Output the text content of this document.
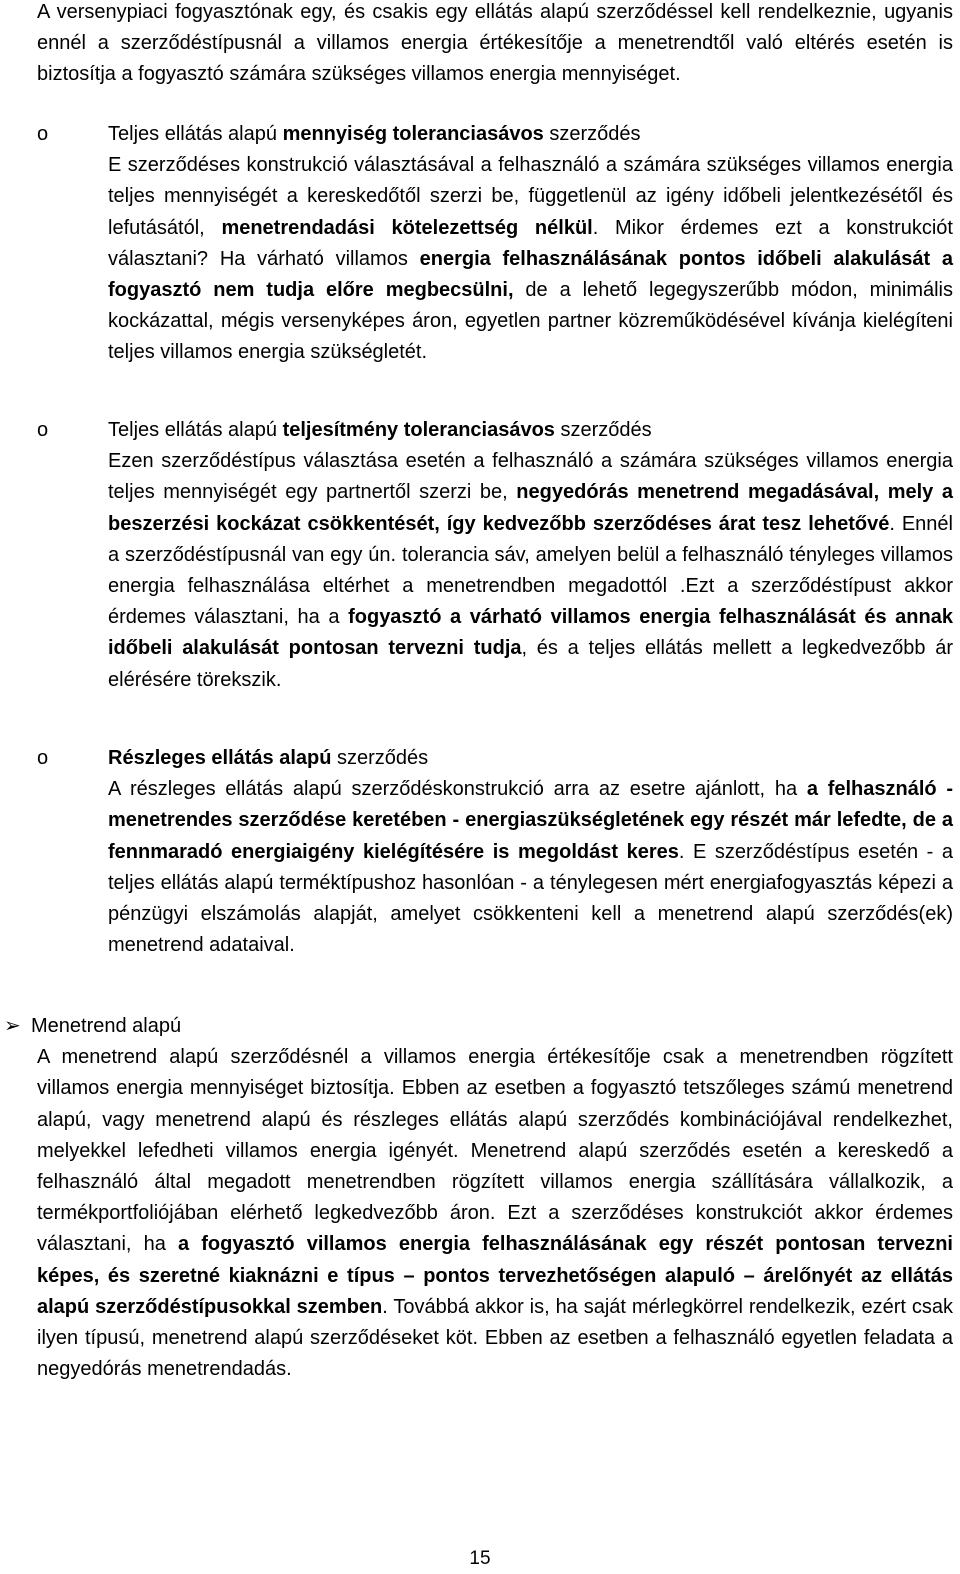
A versenypiaci fogyasztónak egy, és csakis egy ellátás alapú szerződéssel kell rendelkeznie, ugyanis ennél a szerződéstípusnál a villamos energia értékesítője a menetrendtől való eltérés esetén is biztosítja a fogyasztó számára szükséges villamos energia mennyiséget.
o	Teljes ellátás alapú mennyiség toleranciasávos szerződés
E szerződéses konstrukció választásával a felhasználó a számára szükséges villamos energia teljes mennyiségét a kereskedőtől szerzi be, függetlenül az igény időbeli jelentkezésétől és lefutásától, menetrendadási kötelezettség nélkül. Mikor érdemes ezt a konstrukciót választani? Ha várható villamos energia felhasználásának pontos időbeli alakulását a fogyasztó nem tudja előre megbecsülni, de a lehető legegyszerűbb módon, minimális kockázattal, mégis versenyképes áron, egyetlen partner közreműködésével kívánja kielégíteni teljes villamos energia szükségletét.
o	Teljes ellátás alapú teljesítmény toleranciasávos szerződés
Ezen szerződéstípus választása esetén a felhasználó a számára szükséges villamos energia teljes mennyiségét egy partnertől szerzi be, negyedórás menetrend megadásával, mely a beszerzési kockázat csökkentését, így kedvezőbb szerződéses árat tesz lehetővé. Ennél a szerződéstípusnál van egy ún. tolerancia sáv, amelyen belül a felhasználó tényleges villamos energia felhasználása eltérhet a menetrendben megadottól .Ezt a szerződéstípust akkor érdemes választani, ha a fogyasztó a várható villamos energia felhasználását és annak időbeli alakulását pontosan tervezni tudja, és a teljes ellátás mellett a legkedvezőbb ár elérésére törekszik.
o	Részleges ellátás alapú szerződés
A részleges ellátás alapú szerződéskonstrukció arra az esetre ajánlott, ha a felhasználó - menetrendes szerződése keretében - energiaszükségletének egy részét már lefedte, de a fennmaradó energiaigény kielégítésére is megoldást keres. E szerződéstípus esetén - a teljes ellátás alapú terméktípushoz hasonlóan - a ténylegesen mért energiafogyasztás képezi a pénzügyi elszámolás alapját, amelyet csökkenteni kell a menetrend alapú szerződés(ek) menetrend adataival.
➢ Menetrend alapú
A menetrend alapú szerződésnél a villamos energia értékesítője csak a menetrendben rögzített villamos energia mennyiséget biztosítja. Ebben az esetben a fogyasztó tetszőleges számú menetrend alapú, vagy menetrend alapú és részleges ellátás alapú szerződés kombinációjával rendelkezhet, melyekkel lefedheti villamos energia igényét. Menetrend alapú szerződés esetén a kereskedő a felhasználó által megadott menetrendben rögzített villamos energia szállítására vállalkozik, a termékportfoliójában elérhető legkedvezőbb áron. Ezt a szerződéses konstrukciót akkor érdemes választani, ha a fogyasztó villamos energia felhasználásának egy részét pontosan tervezni képes, és szeretné kiaknázni e típus – pontos tervezhetőségen alapuló – árelőnyét az ellátás alapú szerződéstípusokkal szemben. Továbbá akkor is, ha saját mérlegkörrel rendelkezik, ezért csak ilyen típusú, menetrend alapú szerződéseket köt. Ebben az esetben a felhasználó egyetlen feladata a negyedórás menetrendadás.
15
